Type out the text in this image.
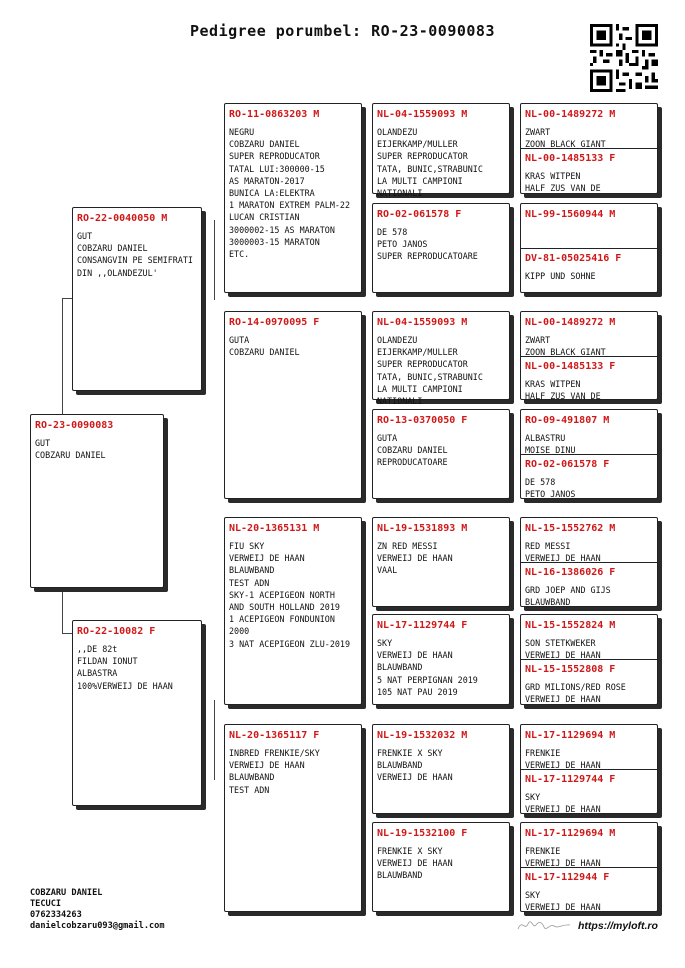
Pedigree porumbel: RO-23-0090083
RO-23-0090083
GUT
COBZARU DANIEL
RO-22-0040050 M
GUT
COBZARU DANIEL
CONSANGVIN PE SEMIFRATI
DIN ,,OLANDEZUL'
RO-22-10082 F
,,DE 82t
FILDAN IONUT
ALBASTRA
100%VERWEIJ DE HAAN
RO-11-0863203 M
NEGRU
COBZARU DANIEL
SUPER REPRODUCATOR
TATAL LUI:300000-15
AS MARATON-2017
BUNICA LA:ELEKTRA
1 MARATON EXTREM PALM-22
LUCAN CRISTIAN
3000002-15 AS MARATON
3000003-15 MARATON
ETC.
RO-14-0970095 F
GUTA
COBZARU DANIEL
NL-20-1365131 M
FIU SKY
VERWEIJ DE HAAN
BLAUWBAND
TEST ADN
SKY-1 ACEPIGEON NORTH
AND SOUTH HOLLAND 2019
1 ACEPIGEON FONDUNION
2000
3 NAT ACEPIGEON ZLU-2019
NL-20-1365117 F
INBRED FRENKIE/SKY
VERWEIJ DE HAAN
BLAUWBAND
TEST ADN
NL-04-1559093 M
OLANDEZU
EIJERKAMP/MULLER
SUPER REPRODUCATOR
TATA, BUNIC,STRABUNIC
LA MULTI CAMPIONI
NATIONALI
RO-02-061578 F
DE 578
PETO JANOS
SUPER REPRODUCATOARE
NL-04-1559093 M
OLANDEZU
EIJERKAMP/MULLER
SUPER REPRODUCATOR
TATA, BUNIC,STRABUNIC
LA MULTI CAMPIONI
NATIONALI
RO-13-0370050 F
GUTA
COBZARU DANIEL
REPRODUCATOARE
NL-19-1531893 M
ZN RED MESSI
VERWEIJ DE HAAN
VAAL
NL-17-1129744 F
SKY
VERWEIJ DE HAAN
BLAUWBAND
5 NAT PERPIGNAN 2019
105 NAT PAU 2019
NL-19-1532032 M
FRENKIE X SKY
BLAUWBAND
VERWEIJ DE HAAN
NL-19-1532100 F
FRENKIE X SKY
VERWEIJ DE HAAN
BLAUWBAND
NL-00-1489272 M
ZWART
ZOON BLACK GIANT
NL-00-1485133 F
KRAS WITPEN
HALF ZUS VAN DE
NL-99-1560944 M
DV-81-05025416 F
KIPP UND SOHNE
NL-00-1489272 M
ZWART
ZOON BLACK GIANT
NL-00-1485133 F
KRAS WITPEN
HALF ZUS VAN DE
RO-09-491807 M
ALBASTRU
MOISE DINU
RO-02-061578 F
DE 578
PETO JANOS
NL-15-1552762 M
RED MESSI
VERWEIJ DE HAAN
NL-16-1386026 F
GRD JOEP AND GIJS
BLAUWBAND
NL-15-1552824 M
SON STETKWEKER
VERWEIJ DE HAAN
NL-15-1552808 F
GRD MILIONS/RED ROSE
VERWEIJ DE HAAN
NL-17-1129694 M
FRENKIE
VERWEIJ DE HAAN
NL-17-1129744 F
SKY
VERWEIJ DE HAAN
NL-17-1129694 M
FRENKIE
VERWEIJ DE HAAN
NL-17-112944 F
SKY
VERWEIJ DE HAAN
COBZARU DANIEL
TECUCI
0762334263
danielcobzaru093@gmail.com	https://myloft.ro
